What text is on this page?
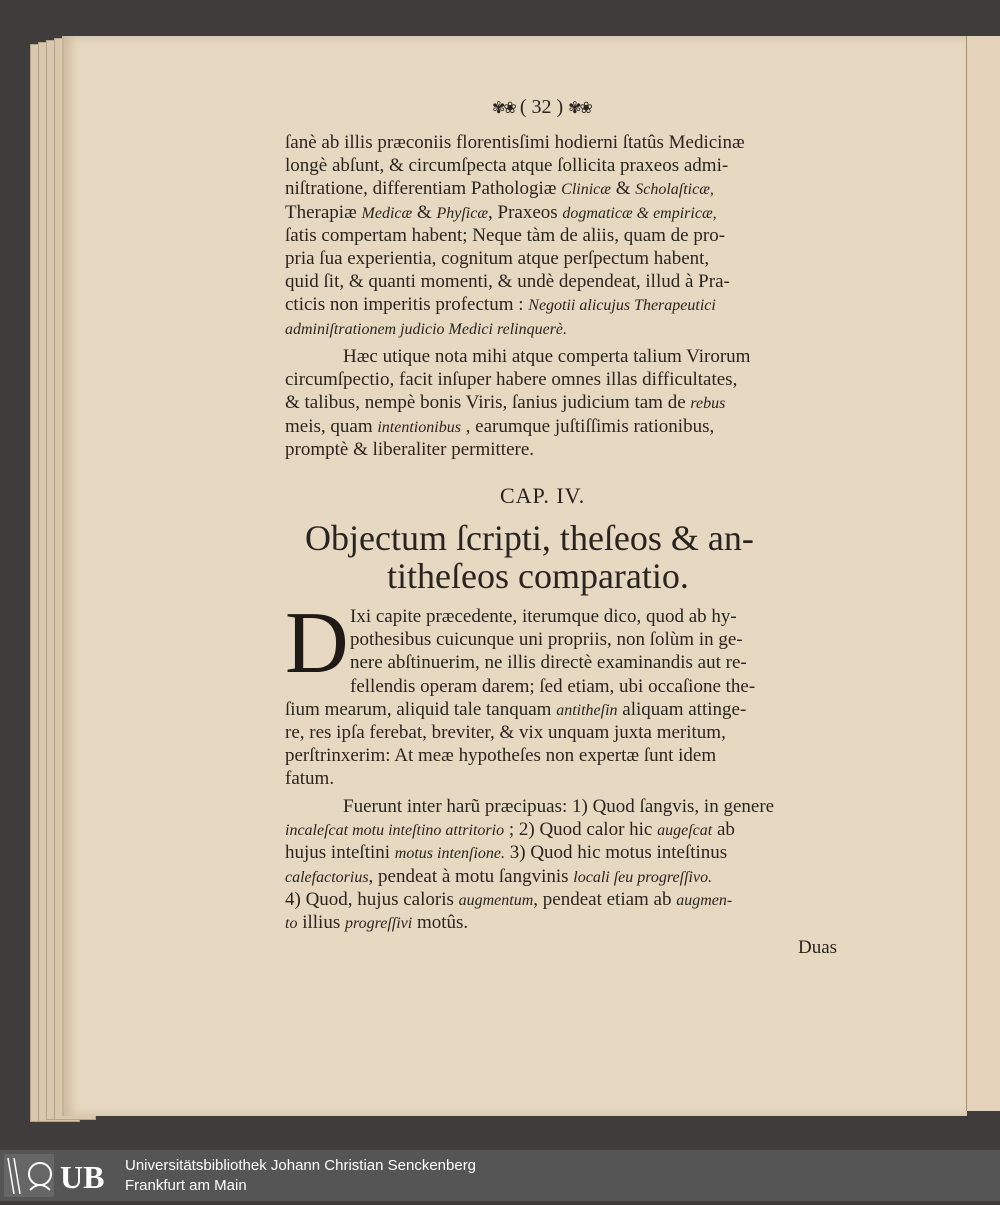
✾❀ ( 32 ) ✾❀
ſanè ab illis præconiis florentisſimi hodierni ſtatûs Medicinæ
longè abſunt, & circumſpecta atque ſollicita praxeos admi-
niſtratione, differentiam Pathologiæ Clinicæ & Scholaſticæ,
Therapiæ Medicæ & Phyſicæ, Praxeos dogmaticæ & empiricæ,
ſatis compertam habent; Neque tàm de aliis, quam de pro-
pria ſua experientia, cognitum atque perſpectum habent,
quid ſit, & quanti momenti, & undè dependeat, illud à Pra-
cticis non imperitis profectum : Negotii alicujus Therapeutici
adminiſtrationem judicio Medici relinquerè.
Hæc utique nota mihi atque comperta talium Virorum
circumſpectio, facit inſuper habere omnes illas difficultates,
& talibus, nempè bonis Viris, ſanius judicium tam de rebus
meis, quam intentionibus , earumque juſtiſſimis rationibus,
promptè & liberaliter permittere.
Ixi capite præcedente, iterumque dico, quod ab hy-
pothesibus cuicunque uni propriis, non ſolùm in ge-
nere abſtinuerim, ne illis directè examinandis aut re-
fellendis operam darem; ſed etiam, ubi occaſione the-
ſium mearum, aliquid tale tanquam antitheſin aliquam attinge-
re, res ipſa ferebat, breviter, & vix unquam juxta meritum,
perſtrinxerim: At meæ hypotheſes non expertæ ſunt idem
fatum.
Fuerunt inter harũ præcipuas: 1) Quod ſangvis, in genere
incaleſcat motu inteſtino attritorio ; 2) Quod calor hic augeſcat ab
hujus inteſtini motus intenſione. 3) Quod hic motus inteſtinus
calefactorius, pendeat à motu ſangvinis locali ſeu progreſſivo.
4) Quod, hujus caloris augmentum, pendeat etiam ab augmen-
to illius progreſſivi motûs.
CAP. IV.
Objectum ſcripti, theſeos & an-
titheſeos comparatio.
D
Duas
UB Universitätsbibliothek Johann Christian Senckenberg
Frankfurt am Main
